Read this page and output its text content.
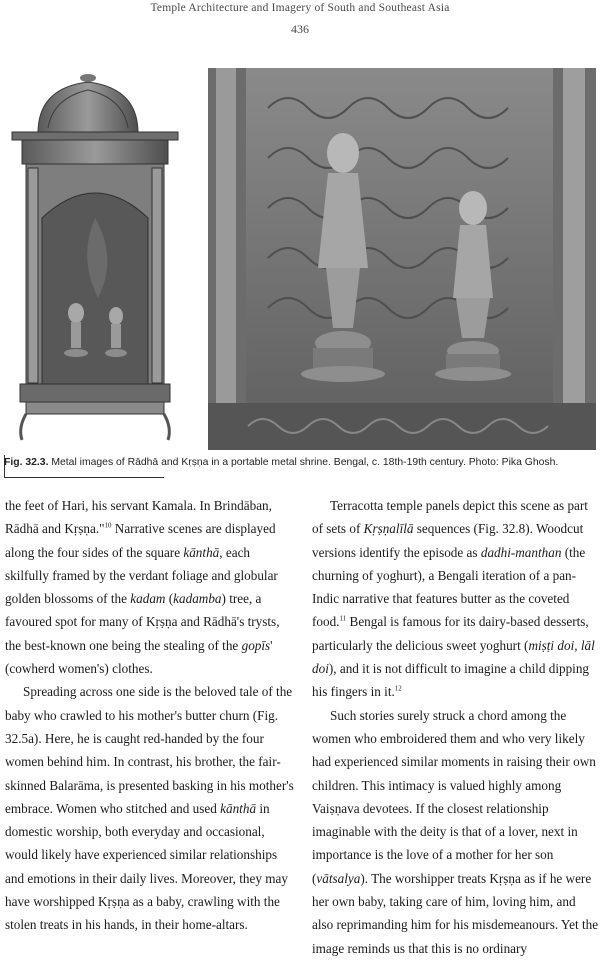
Temple Architecture and Imagery of South and Southeast Asia
436
Fig. 32.3. Metal images of Rādhā and Kṛṣṇa in a portable metal shrine. Bengal, c. 18th-19th century. Photo: Pika Ghosh.

the feet of Hari, his servant Kamala. In Brindāban, Rādhā and Kṛṣṇa."$^{10}$ Narrative scenes are displayed along the four sides of the square kānthā, each skilfully framed by the verdant foliage and globular golden blossoms of the kadam (kadamba) tree, a favoured spot for many of Kṛṣṇa and Rādhā's trysts, the best-known one being the stealing of the gopīs' (cowherd women's) clothes.

Spreading across one side is the beloved tale of the baby who crawled to his mother's butter churn (Fig. 32.5a). Here, he is caught red-handed by the four women behind him. In contrast, his brother, the fair-skinned Balarāma, is presented basking in his mother's embrace. Women who stitched and used kānthā in domestic worship, both everyday and occasional, would likely have experienced similar relationships and emotions in their daily lives. Moreover, they may have worshipped Kṛṣṇa as a baby, crawling with the stolen treats in his hands, in their home-altars.

Terracotta temple panels depict this scene as part of sets of Kṛṣṇalīlā sequences (Fig. 32.8). Woodcut versions identify the episode as dadhi-manthan (the churning of yoghurt), a Bengali iteration of a pan-Indic narrative that features butter as the coveted food.$^{11}$ Bengal is famous for its dairy-based desserts, particularly the delicious sweet yoghurt (miṣṭi doi, lāl doi), and it is not difficult to imagine a child dipping his fingers in it.$^{12}$

Such stories surely struck a chord among the women who embroidered them and who very likely had experienced similar moments in raising their own children. This intimacy is valued highly among Vaiṣṇava devotees. If the closest relationship imaginable with the deity is that of a lover, next in importance is the love of a mother for her son (vātsalya). The worshipper treats Kṛṣṇa as if he were her own baby, taking care of him, loving him, and also reprimanding him for his misdemeanours. Yet the image reminds us that this is no ordinary
